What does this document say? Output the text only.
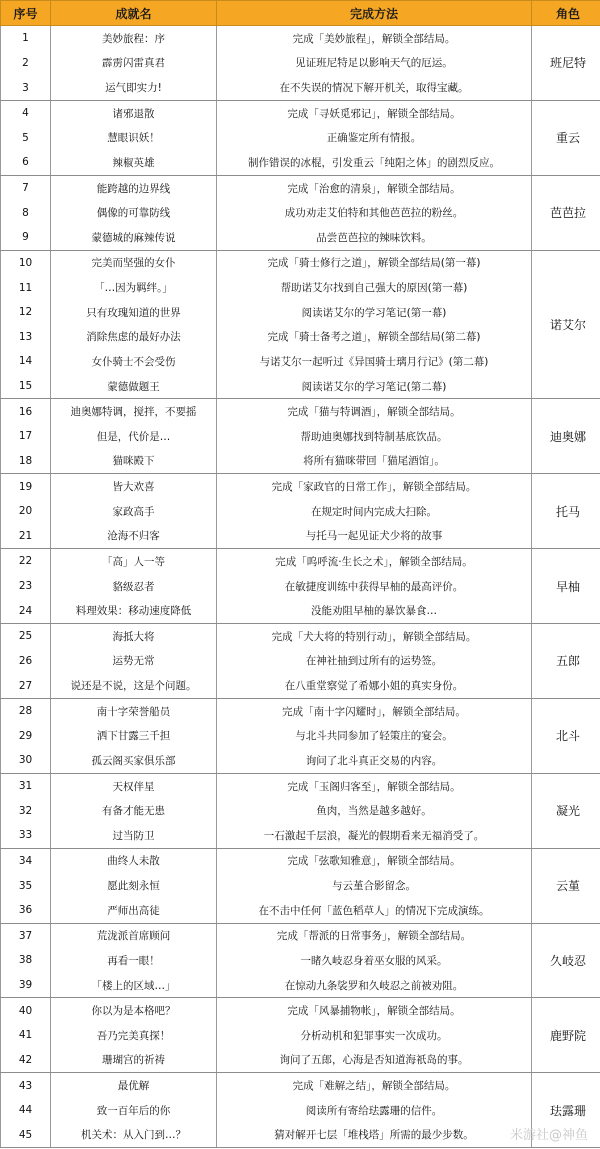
序号	成就名	完成方法	角色
1	美妙旅程：序	完成「美妙旅程」，解锁全部结局。	班尼特
2	霹雳闪雷真君	见证班尼特足以影响天气的厄运。	
3	运气即实力!	在不失误的情况下解开机关，取得宝藏。	
4	诸邪退散	完成「寻妖觅邪记」，解锁全部结局。	重云
5	慧眼识妖！	正确鉴定所有情报。	
6	辣椒英雄	制作错误的冰棍，引发重云「纯阳之体」的剧烈反应。	
7	能跨越的边界线	完成「治愈的清泉」，解锁全部结局。	芭芭拉
8	偶像的可靠防线	成功劝走艾伯特和其他芭芭拉的粉丝。	
9	蒙德城的麻辣传说	品尝芭芭拉的辣味饮料。	
10	完美而坚强的女仆	完成「骑士修行之道」，解锁全部结局(第一幕)	诺艾尔
11	「…因为羁绊。」	帮助诺艾尔找到自己强大的原因(第一幕)	
12	只有玫瑰知道的世界	阅读诺艾尔的学习笔记(第一幕)	
13	消除焦虑的最好办法	完成「骑士备考之道」，解锁全部结局(第二幕)	
14	女仆骑士不会受伤	与诺艾尔一起听过《异国骑士璃月行记》(第二幕)	
15	蒙德做题王	阅读诺艾尔的学习笔记(第二幕)	
16	迪奥娜特调，搅拌，不要摇	完成「猫与特调酒」，解锁全部结局。	迪奥娜
17	但是，代价是…	帮助迪奥娜找到特制基底饮品。	
18	猫咪殿下	将所有猫咪带回「猫尾酒馆」。	
19	皆大欢喜	完成「家政官的日常工作」，解锁全部结局。	托马
20	家政高手	在规定时间内完成大扫除。	
21	沧海不归客	与托马一起见证犬少将的故事	
22	「高」人一等	完成「呜呼流·生长之术」，解锁全部结局。	早柚
23	貉级忍者	在敏捷度训练中获得早柚的最高评价。	
24	料理效果：移动速度降低	没能劝阻早柚的暴饮暴食…	
25	海抵大将	完成「犬大将的特别行动」，解锁全部结局。	五郎
26	运势无常	在神社抽到过所有的运势签。	
27	说还是不说，这是个问题。	在八重堂察觉了希娜小姐的真实身份。	
28	南十字荣誉船员	完成「南十字闪耀时」，解锁全部结局。	北斗
29	洒下甘露三千担	与北斗共同参加了轻策庄的宴会。	
30	孤云阁买家俱乐部	询问了北斗真正交易的内容。	
31	天权伴星	完成「玉阁归客至」，解锁全部结局。	凝光
32	有备才能无患	鱼肉，当然是越多越好。	
33	过当防卫	一石激起千层浪，凝光的假期看来无福消受了。	
34	曲终人未散	完成「弦歌知雅意」，解锁全部结局。	云堇
35	愿此刻永恒	与云堇合影留念。	
36	严师出高徒	在不击中任何「蓝色稻草人」的情况下完成演练。	
37	荒泷派首席顾问	完成「帮派的日常事务」，解锁全部结局。	久岐忍
38	再看一眼！	一睹久岐忍身着巫女服的风采。	
39	「楼上的区域…」	在惊动九条裟罗和久岐忍之前被劝阻。	
40	你以为是本格吧？	完成「风暴捕物帐」，解锁全部结局。	鹿野院
41	吾乃完美真探！	分析动机和犯罪事实一次成功。	
42	珊瑚宫的祈祷	询问了五郎，心海是否知道海祇岛的事。	
43	最优解	完成「难解之结」，解锁全部结局。	珐露珊
44	致一百年后的你	阅读所有寄给珐露珊的信件。	
45	机关术：从入门到…？	猜对解开七层「堆栈塔」所需的最少步数。		米游社@神鱼
